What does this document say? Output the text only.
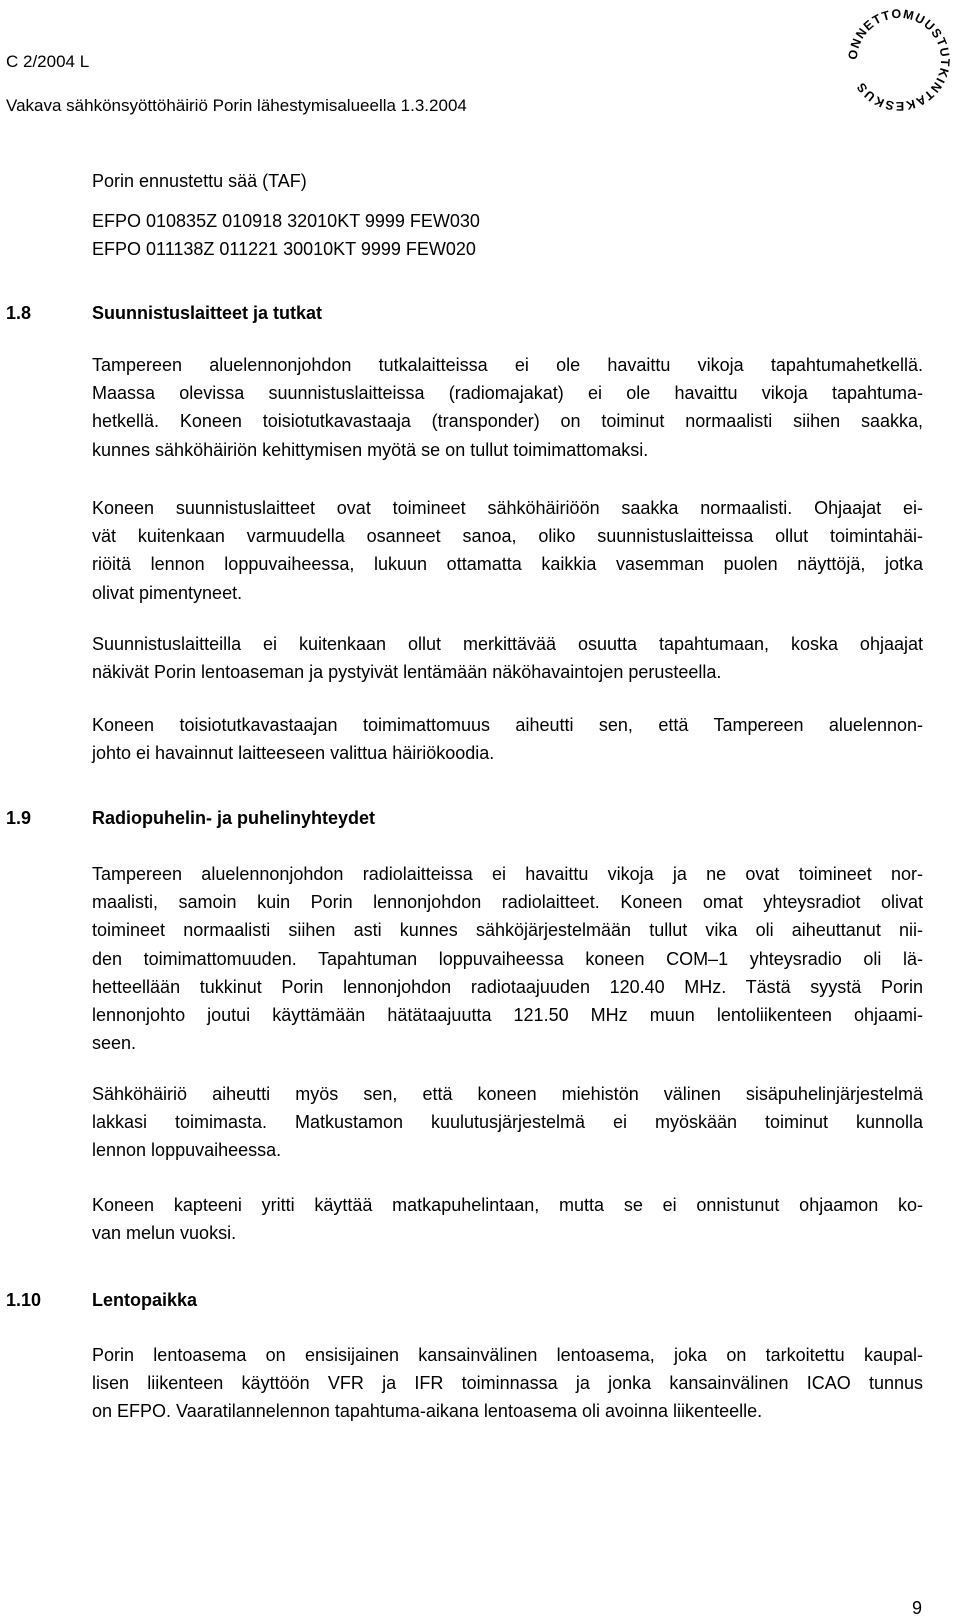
C 2/2004 L
Vakava sähkönsyöttöhäiriö Porin lähestymisalueella 1.3.2004
ONNETTOMUUSTUTKINTAKESKUS
Porin ennustettu sää (TAF)
EFPO 010835Z 010918 32010KT 9999 FEW030
EFPO 011138Z 011221 30010KT 9999 FEW020
1.8	Suunnistuslaitteet ja tutkat
Tampereen aluelennonjohdon tutkalaitteissa ei ole havaittu vikoja tapahtumahetkellä.
Maassa olevissa suunnistuslaitteissa (radiomajakat) ei ole havaittu vikoja tapahtuma-
hetkellä. Koneen toisiotutkavastaaja (transponder) on toiminut normaalisti siihen saakka,
kunnes sähköhäiriön kehittymisen myötä se on tullut toimimattomaksi.
Koneen suunnistuslaitteet ovat toimineet sähköhäiriöön saakka normaalisti. Ohjaajat ei-
vät kuitenkaan varmuudella osanneet sanoa, oliko suunnistuslaitteissa ollut toimintahäi-
riöitä lennon loppuvaiheessa, lukuun ottamatta kaikkia vasemman puolen näyttöjä, jotka
olivat pimentyneet.
Suunnistuslaitteilla ei kuitenkaan ollut merkittävää osuutta tapahtumaan, koska ohjaajat
näkivät Porin lentoaseman ja pystyivät lentämään näköhavaintojen perusteella.
Koneen toisiotutkavastaajan toimimattomuus aiheutti sen, että Tampereen aluelennon-
johto ei havainnut laitteeseen valittua häiriökoodia.
1.9	Radiopuhelin- ja puhelinyhteydet
Tampereen aluelennonjohdon radiolaitteissa ei havaittu vikoja ja ne ovat toimineet nor-
maalisti, samoin kuin Porin lennonjohdon radiolaitteet. Koneen omat yhteysradiot olivat
toimineet normaalisti siihen asti kunnes sähköjärjestelmään tullut vika oli aiheuttanut nii-
den toimimattomuuden. Tapahtuman loppuvaiheessa koneen COM–1 yhteysradio oli lä-
hetteellään tukkinut Porin lennonjohdon radiotaajuuden 120.40 MHz. Tästä syystä Porin
lennonjohto joutui käyttämään hätätaajuutta 121.50 MHz muun lentoliikenteen ohjaami-
seen.
Sähköhäiriö aiheutti myös sen, että koneen miehistön välinen sisäpuhelinjärjestelmä
lakkasi toimimasta. Matkustamon kuulutusjärjestelmä ei myöskään toiminut kunnolla
lennon loppuvaiheessa.
Koneen kapteeni yritti käyttää matkapuhelintaan, mutta se ei onnistunut ohjaamon ko-
van melun vuoksi.
1.10	Lentopaikka
Porin lentoasema on ensisijainen kansainvälinen lentoasema, joka on tarkoitettu kaupal-
lisen liikenteen käyttöön VFR ja IFR toiminnassa ja jonka kansainvälinen ICAO tunnus
on EFPO. Vaaratilannelennon tapahtuma-aikana lentoasema oli avoinna liikenteelle.
9
